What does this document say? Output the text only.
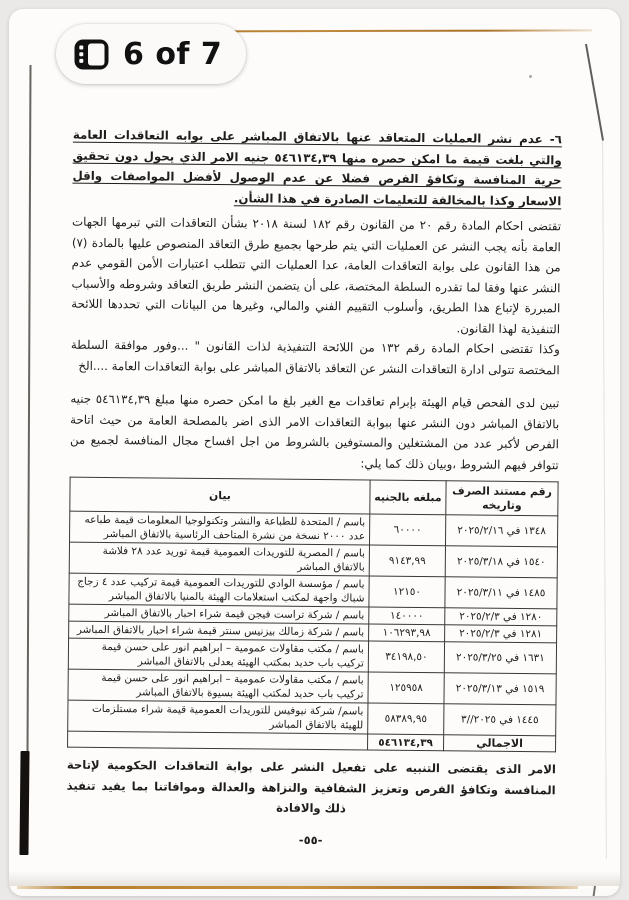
٦- عدم نشر العمليات المتعاقد عنها بالاتفاق المباشر على بوابه التعاقدات العامة والتي بلغت قيمة ما امكن حصره منها ٥٤٦١٣٤,٣٩ جنيه الامر الذي يحول دون تحقيق حرية المنافسة وتكافؤ الفرص فضلا عن عدم الوصول لأفضل المواصفات واقل الاسعار وكذا بالمخالفة للتعليمات الصادرة في هذا الشأن.

تقتضى احكام المادة رقم ٢٠ من القانون رقم ١٨٢ لسنة ٢٠١٨ بشأن التعاقدات التي تبرمها الجهات العامة بأنه يجب النشر عن العمليات التي يتم طرحها بجميع طرق التعاقد المنصوص عليها بالمادة (٧) من هذا القانون على بوابة التعاقدات العامة، عدا العمليات التي تتطلب اعتبارات الأمن القومي عدم النشر عنها وفقا لما تقدره السلطة المختصة، على أن يتضمن النشر طريق التعاقد وشروطه والأسباب المبررة لإتباع هذا الطريق، وأسلوب التقييم الفني والمالي، وغيرها من البيانات التي تحددها اللائحة التنفيذية لهذا القانون.

وكذا تقتضى احكام المادة رقم ١٣٢ من اللائحة التنفيذية لذات القانون " ...وفور موافقة السلطة المختصة تتولى ادارة التعاقدات النشر عن التعاقد بالاتفاق المباشر على بوابة التعاقدات العامة ....الخ

تبين لدى الفحص قيام الهيئة بإبرام تعاقدات مع الغير بلغ ما امكن حصره منها مبلغ ٥٤٦١٣٤,٣٩ جنيه بالاتفاق المباشر دون النشر عنها ببوابة التعاقدات الامر الذى اضر بالمصلحة العامة من حيث اتاحة الفرص لأكبر عدد من المشتغلين والمستوفين بالشروط من اجل افساح مجال المنافسة لجميع من تتوافر فيهم الشروط ،وبيان ذلك كما يلي:

رقم مستند الصرف وتاريخه	مبلغه بالجنيه	بيان
١٣٤٨ في ٢٠٢٥/٢/١٦	٦٠٠٠٠	باسم / المتحدة للطباعة والنشر وتكنولوجيا المعلومات قيمة طباعه عدد ٢٠٠٠ نسخة من نشرة المتاحف الرئاسية بالاتفاق المباشر
١٥٤٠ في ٢٠٢٥/٣/١٨	٩١٤٣,٩٩	باسم / المصرية للتوريدات العمومية قيمة توريد عدد ٢٨ فلاشة بالاتفاق المباشر
١٤٨٥ في ٢٠٢٥/٣/١١	١٢١٥٠	باسم / مؤسسة الوادي للتوريدات العمومية قيمة تركيب عدد ٤ زجاج شباك واجهة لمكتب استعلامات الهيئة بالمنيا بالاتفاق المباشر
١٢٨٠ في ٢٠٢٥/٢/٣	١٤٠٠٠٠	باسم / شركة تراست فيجن قيمة شراء احبار بالاتفاق المباشر
١٢٨١ في ٢٠٢٥/٢/٣	١٠٦٢٩٣,٩٨	باسم / شركة زمالك بيزنيس سنتر قيمة شراء احبار بالاتفاق المباشر
١٦٣١ في ٢٠٢٥/٣/٢٥	٣٤١٩٨,٥٠	باسم / مكتب مقاولات عمومية – ابراهيم انور على حسن قيمة تركيب باب حديد بمكتب الهيئة بعدلى بالاتفاق المباشر
١٥١٩ في ٢٠٢٥/٣/١٣	١٢٥٩٥٨	باسم / مكتب مقاولات عمومية – ابراهيم انور على حسن قيمة تركيب باب حديد لمكتب الهيئة بسيوة بالاتفاق المباشر
١٤٤٥ في ٢٠٢٥//٣	٥٨٣٨٩,٩٥	باسم/ شركة نيوفيس للتوريدات العمومية قيمة شراء مستلزمات للهيئة بالاتفاق المباشر
الاجمالي	٥٤٦١٣٤,٣٩	

الامر الذى يقتضى التنبيه على تفعيل النشر على بوابة التعاقدات الحكومية لإتاحة المنافسة وتكافؤ الفرص وتعزيز الشفافية والنزاهة والعدالة وموافاتنا بما يفيد تنفيذ ذلك والافادة

-٥٥-
6 of 7
